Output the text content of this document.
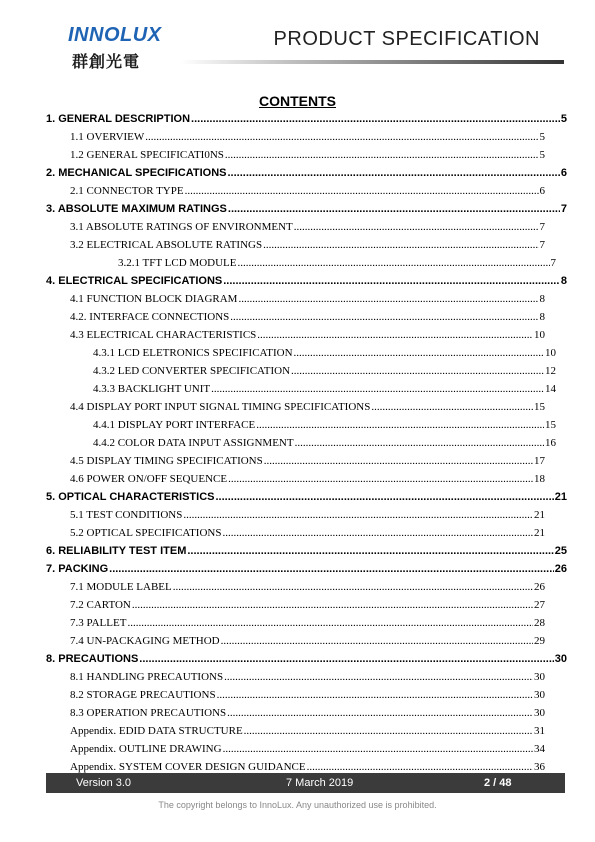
INNOLUX
群創光電
PRODUCT SPECIFICATION
CONTENTS
1. GENERAL DESCRIPTION .....	5
1.1 OVERVIEW .....	5
1.2 GENERAL SPECIFICATI0NS .....	5
2. MECHANICAL SPECIFICATIONS .....	6
2.1 CONNECTOR TYPE .....	6
3. ABSOLUTE MAXIMUM RATINGS .....	7
3.1 ABSOLUTE RATINGS OF ENVIRONMENT .....	7
3.2 ELECTRICAL ABSOLUTE RATINGS .....	7
3.2.1 TFT LCD MODULE .....	7
4. ELECTRICAL SPECIFICATIONS .....	8
4.1 FUNCTION BLOCK DIAGRAM .....	8
4.2. INTERFACE CONNECTIONS .....	8
4.3 ELECTRICAL CHARACTERISTICS .....	10
4.3.1 LCD ELETRONICS SPECIFICATION .....	10
4.3.2 LED CONVERTER SPECIFICATION .....	12
4.3.3 BACKLIGHT UNIT .....	14
4.4 DISPLAY PORT INPUT SIGNAL TIMING SPECIFICATIONS .....	15
4.4.1 DISPLAY PORT INTERFACE .....	15
4.4.2 COLOR DATA INPUT ASSIGNMENT .....	16
4.5 DISPLAY TIMING SPECIFICATIONS .....	17
4.6 POWER ON/OFF SEQUENCE .....	18
5. OPTICAL CHARACTERISTICS .....	21
5.1 TEST CONDITIONS .....	21
5.2 OPTICAL SPECIFICATIONS .....	21
6. RELIABILITY TEST ITEM .....	25
7. PACKING .....	26
7.1 MODULE LABEL .....	26
7.2 CARTON .....	27
7.3 PALLET .....	28
7.4 UN-PACKAGING METHOD .....	29
8. PRECAUTIONS .....	30
8.1 HANDLING PRECAUTIONS .....	30
8.2 STORAGE PRECAUTIONS .....	30
8.3 OPERATION PRECAUTIONS .....	30
Appendix. EDID DATA STRUCTURE .....	31
Appendix. OUTLINE DRAWING .....	34
Appendix. SYSTEM COVER DESIGN GUIDANCE .....	36
Version 3.0	7 March 2019	2 / 48
The copyright belongs to InnoLux. Any unauthorized use is prohibited.
